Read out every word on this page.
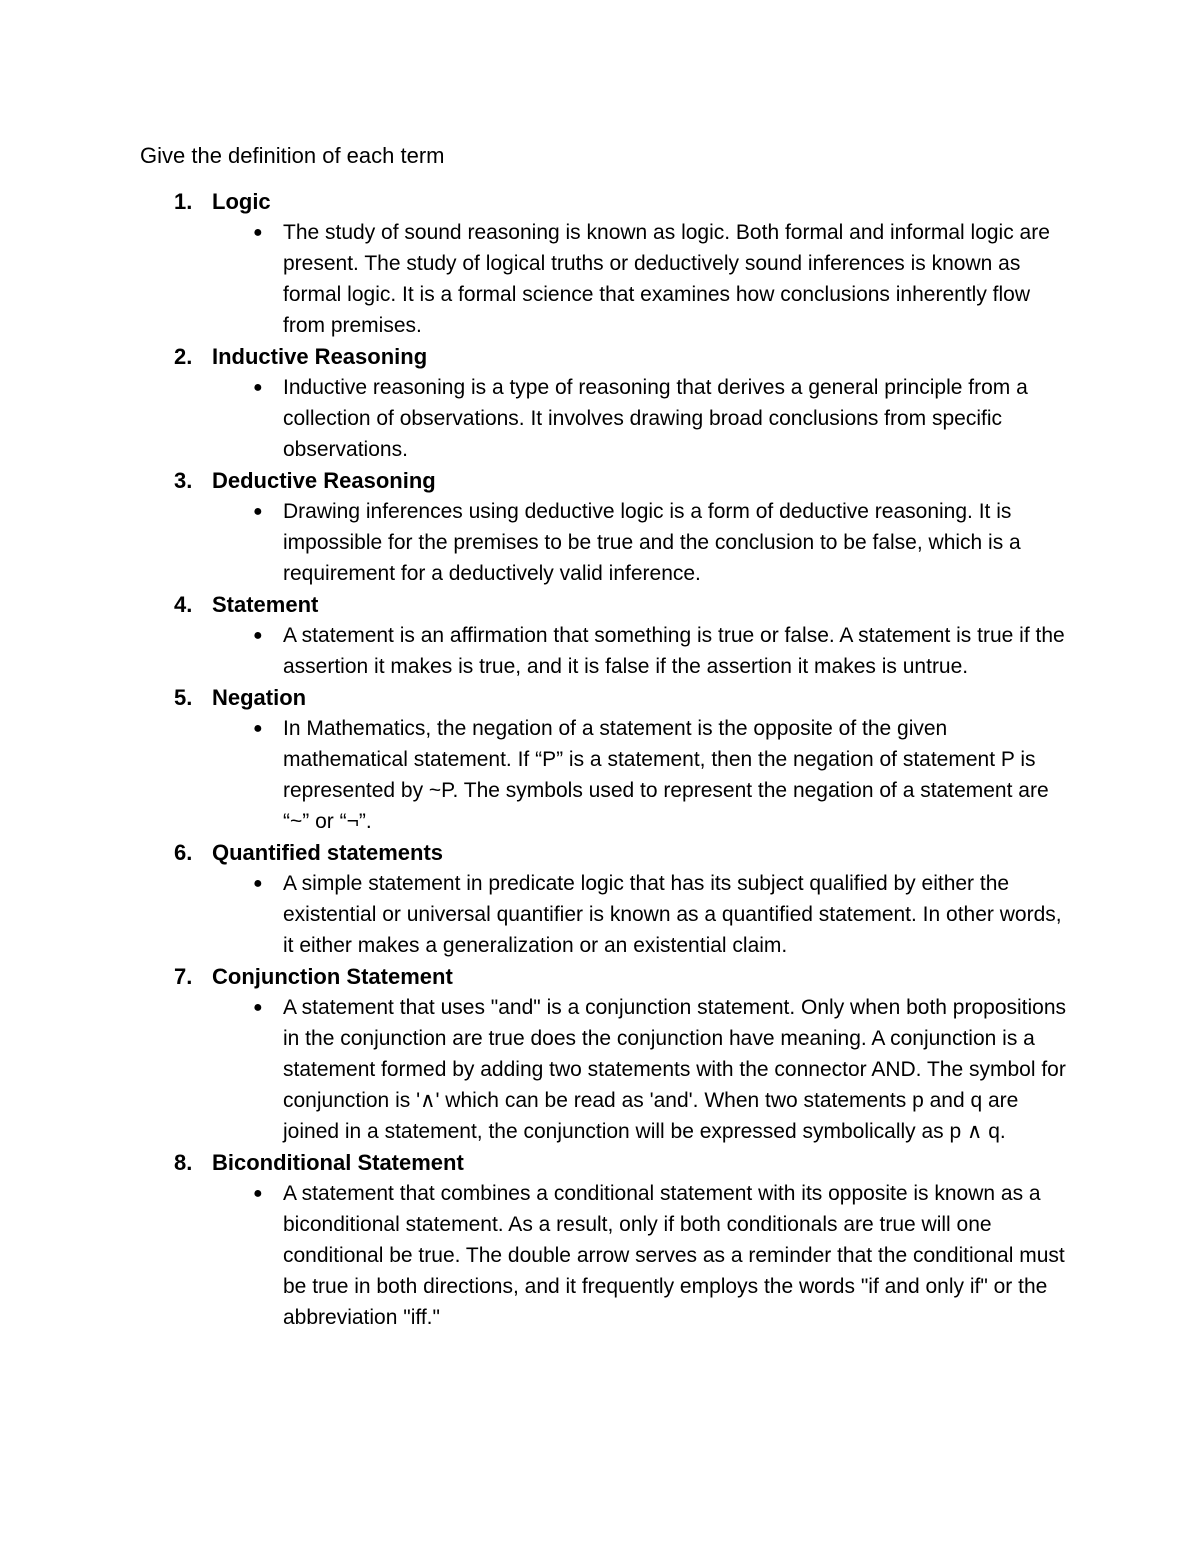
Give the definition of each term
1. Logic
● The study of sound reasoning is known as logic. Both formal and informal logic are present. The study of logical truths or deductively sound inferences is known as formal logic. It is a formal science that examines how conclusions inherently flow from premises.
2. Inductive Reasoning
● Inductive reasoning is a type of reasoning that derives a general principle from a collection of observations. It involves drawing broad conclusions from specific observations.
3. Deductive Reasoning
● Drawing inferences using deductive logic is a form of deductive reasoning. It is impossible for the premises to be true and the conclusion to be false, which is a requirement for a deductively valid inference.
4. Statement
● A statement is an affirmation that something is true or false. A statement is true if the assertion it makes is true, and it is false if the assertion it makes is untrue.
5. Negation
● In Mathematics, the negation of a statement is the opposite of the given mathematical statement. If “P” is a statement, then the negation of statement P is represented by ~P. The symbols used to represent the negation of a statement are “~” or “¬”.
6. Quantified statements
● A simple statement in predicate logic that has its subject qualified by either the existential or universal quantifier is known as a quantified statement. In other words, it either makes a generalization or an existential claim.
7. Conjunction Statement
● A statement that uses "and" is a conjunction statement. Only when both propositions in the conjunction are true does the conjunction have meaning. A conjunction is a statement formed by adding two statements with the connector AND. The symbol for conjunction is '∧' which can be read as 'and'. When two statements p and q are joined in a statement, the conjunction will be expressed symbolically as p ∧ q.
8. Biconditional Statement
● A statement that combines a conditional statement with its opposite is known as a biconditional statement. As a result, only if both conditionals are true will one conditional be true. The double arrow serves as a reminder that the conditional must be true in both directions, and it frequently employs the words "if and only if" or the abbreviation "iff."
